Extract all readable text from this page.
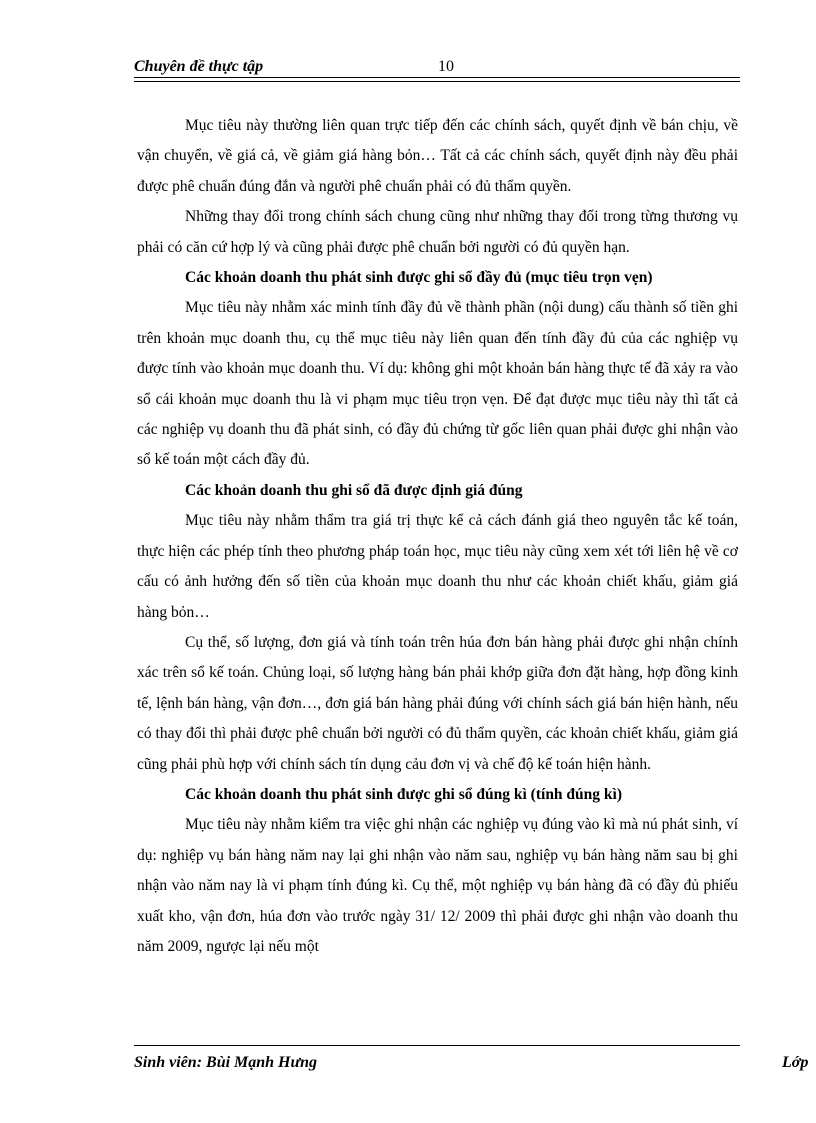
Chuyên đề thực tập	10

Mục tiêu này thường liên quan trực tiếp đến các chính sách, quyết định về bán chịu, về vận chuyển, về giá cả, về giảm giá hàng bỏn… Tất cả các chính sách, quyết định này đều phải được phê chuẩn đúng đắn và người phê chuẩn phải có đủ thẩm quyền.

Những thay đổi trong chính sách chung cũng như những thay đổi trong từng thương vụ phải có căn cứ hợp lý và cũng phải được phê chuẩn bởi người có đủ quyền hạn.

Các khoản doanh thu phát sinh được ghi sổ đầy đủ (mục tiêu trọn vẹn)

Mục tiêu này nhằm xác minh tính đầy đủ về thành phần (nội dung) cấu thành số tiền ghi trên khoản mục doanh thu, cụ thể mục tiêu này liên quan đến tính đầy đủ của các nghiệp vụ được tính vào khoản mục doanh thu. Ví dụ: không ghi một khoản bán hàng thực tế đã xảy ra vào sổ cái khoản mục doanh thu là vi phạm mục tiêu trọn vẹn. Để đạt được mục tiêu này thì tất cả các nghiệp vụ doanh thu đã phát sinh, có đầy đủ chứng từ gốc liên quan phải được ghi nhận vào sổ kế toán một cách đầy đủ.

Các khoản doanh thu ghi sổ đã được định giá đúng

Mục tiêu này nhằm thẩm tra giá trị thực kể cả cách đánh giá theo nguyên tắc kế toán, thực hiện các phép tính theo phương pháp toán học, mục tiêu này cũng xem xét tới liên hệ về cơ cấu có ảnh hưởng đến số tiền của khoản mục doanh thu như các khoản chiết khấu, giảm giá hàng bỏn…

Cụ thể, số lượng, đơn giá và tính toán trên húa đơn bán hàng phải được ghi nhận chính xác trên sổ kế toán. Chủng loại, số lượng hàng bán phải khớp giữa đơn đặt hàng, hợp đồng kinh tế, lệnh bán hàng, vận đơn…, đơn giá bán hàng phải đúng với chính sách giá bán hiện hành, nếu có thay đổi thì phải được phê chuẩn bởi người có đủ thẩm quyền, các khoản chiết khấu, giảm giá cũng phải phù hợp với chính sách tín dụng cảu đơn vị và chế độ kế toán hiện hành.

Các khoản doanh thu phát sinh được ghi sổ đúng kì (tính đúng kì)

Mục tiêu này nhằm kiểm tra việc ghi nhận các nghiệp vụ đúng vào kì mà nú phát sinh, ví dụ: nghiệp vụ bán hàng năm nay lại ghi nhận vào năm sau, nghiệp vụ bán hàng năm sau bị ghi nhận vào năm nay là vi phạm tính đúng kì. Cụ thể, một nghiệp vụ bán hàng đã có đầy đủ phiếu xuất kho, vận đơn, húa đơn vào trước ngày 31/ 12/ 2009 thì phải được ghi nhận vào doanh thu năm 2009, ngược lại nếu một

Sinh viên: Bùi Mạnh Hưng	Lớp
